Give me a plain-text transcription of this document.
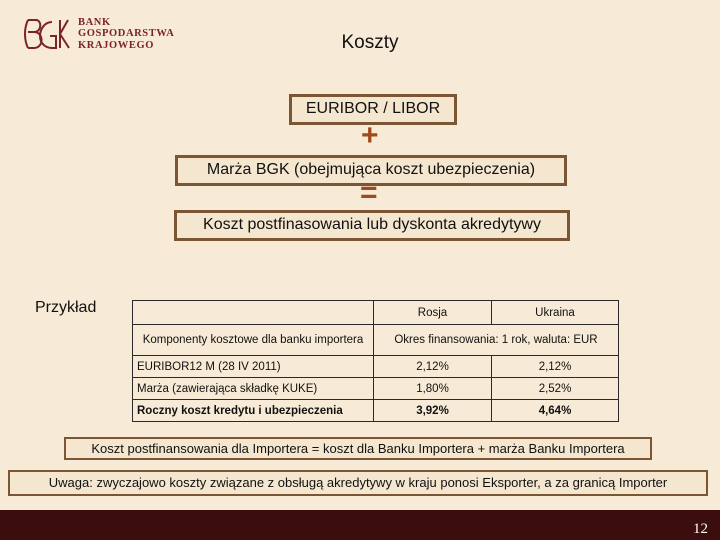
BANK
GOSPODARSTWA
KRAJOWEGO	Koszty
EURIBOR / LIBOR
+
Marża BGK (obejmująca koszt ubezpieczenia)
=
Koszt postfinasowania lub dyskonta akredytywy
Przykład
		Rosja	Ukraina
Komponenty kosztowe dla banku importera	Okres finansowania: 1 rok, waluta: EUR	
EURIBOR12 M (28 IV 2011)	2,12%	2,12%
Marża (zawierająca składkę KUKE)	1,80%	2,52%
Roczny koszt kredytu i ubezpieczenia	3,92%	4,64%
Koszt postfinansowania dla Importera = koszt dla Banku Importera + marża Banku Importera
Uwaga: zwyczajowo koszty związane z obsługą akredytywy w kraju ponosi Eksporter, a za granicą Importer
12
